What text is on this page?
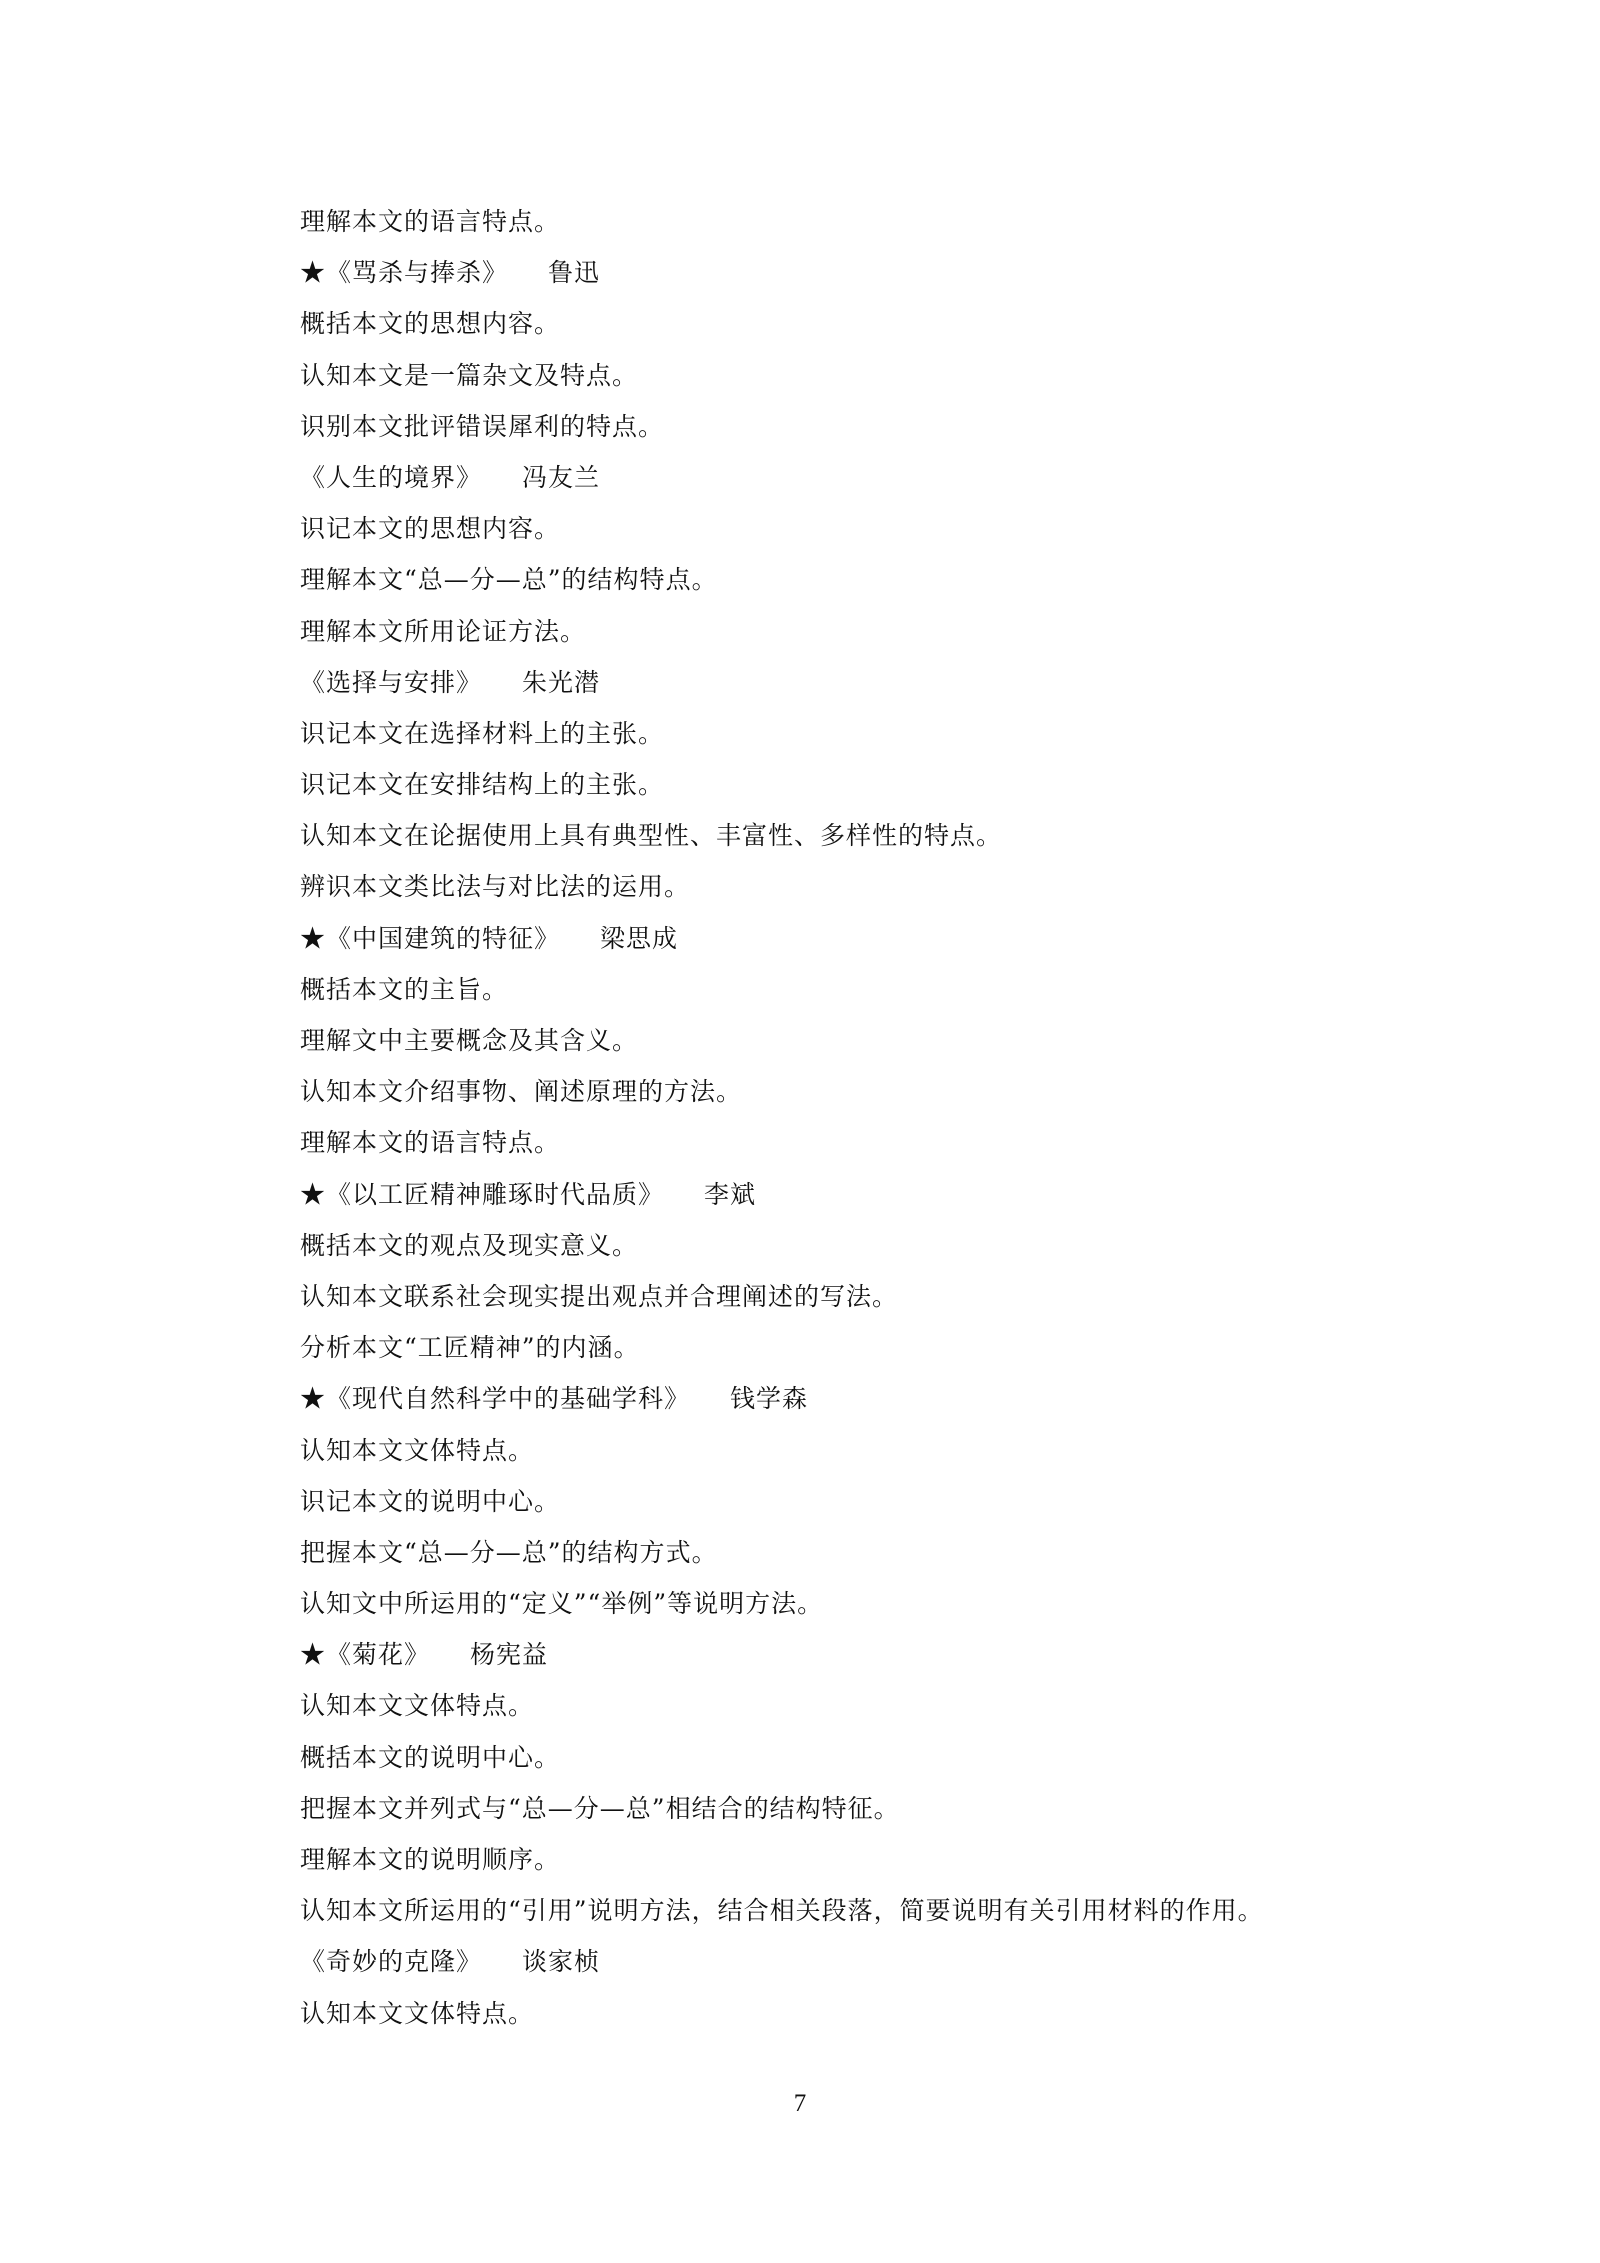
理解本文的语言特点。
★《骂杀与捧杀》 鲁迅
概括本文的思想内容。
认知本文是一篇杂文及特点。
识别本文批评错误犀利的特点。
《人生的境界》 冯友兰
识记本文的思想内容。
理解本文“总—分—总”的结构特点。
理解本文所用论证方法。
《选择与安排》 朱光潜
识记本文在选择材料上的主张。
识记本文在安排结构上的主张。
认知本文在论据使用上具有典型性、丰富性、多样性的特点。
辨识本文类比法与对比法的运用。
★《中国建筑的特征》 梁思成
概括本文的主旨。
理解文中主要概念及其含义。
认知本文介绍事物、阐述原理的方法。
理解本文的语言特点。
★《以工匠精神雕琢时代品质》 李斌
概括本文的观点及现实意义。
认知本文联系社会现实提出观点并合理阐述的写法。
分析本文“工匠精神”的内涵。
★《现代自然科学中的基础学科》 钱学森
认知本文文体特点。
识记本文的说明中心。
把握本文“总—分—总”的结构方式。
认知文中所运用的“定义”“举例”等说明方法。
★《菊花》 杨宪益
认知本文文体特点。
概括本文的说明中心。
把握本文并列式与“总—分—总”相结合的结构特征。
理解本文的说明顺序。
认知本文所运用的“引用”说明方法，结合相关段落，简要说明有关引用材料的作用。
《奇妙的克隆》 谈家桢
认知本文文体特点。
7
